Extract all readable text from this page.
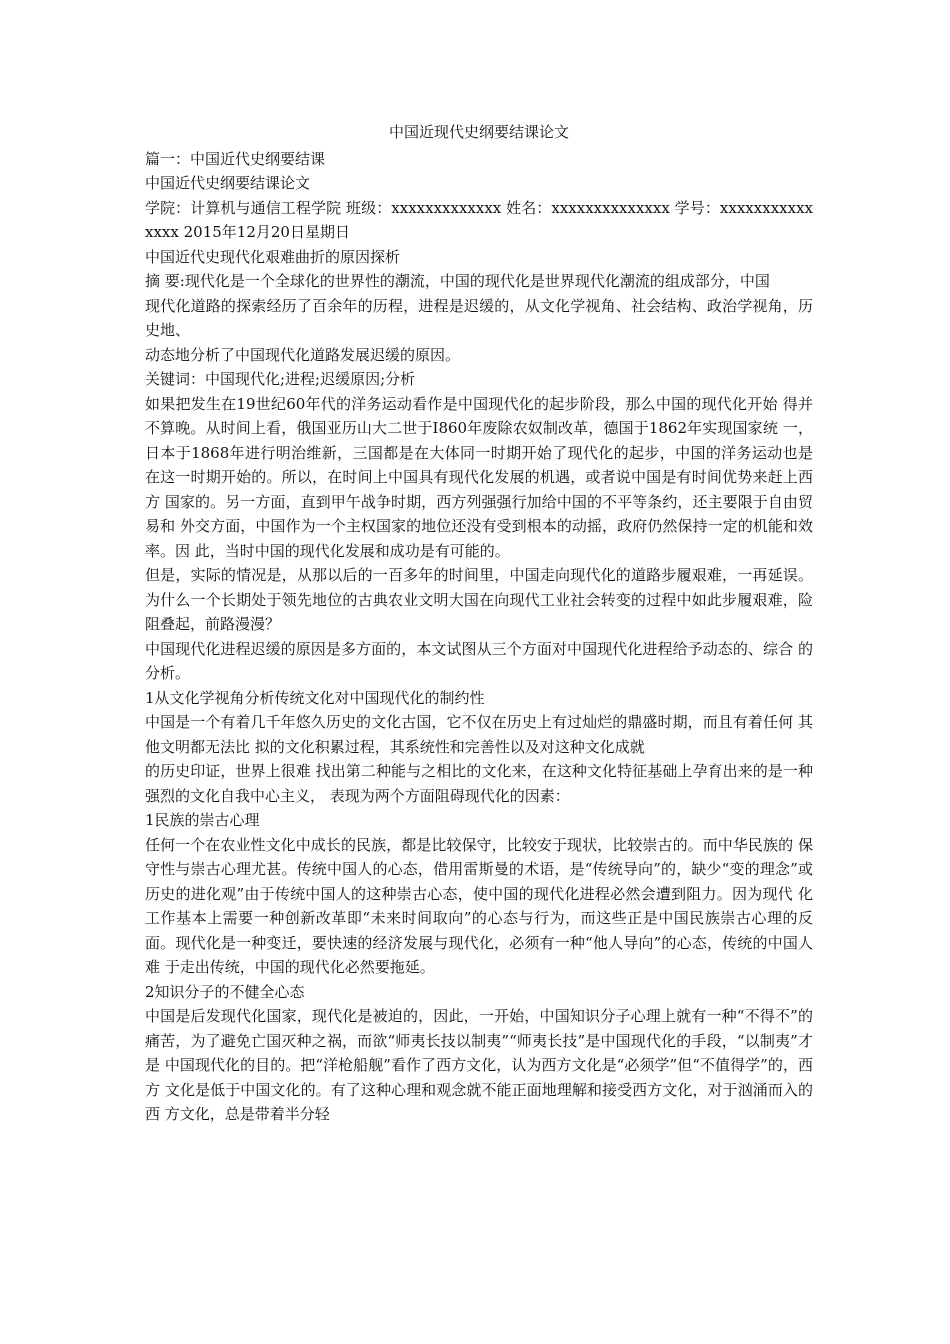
中国近现代史纲要结课论文

篇一：中国近代史纲要结课

中国近代史纲要结课论文

学院：计算机与通信工程学院 班级：xxxxxxxxxxxxx 姓名：xxxxxxxxxxxxxx 学号：xxxxxxxxxxxxxxx 2015年12月20日星期日

中国近代史现代化艰难曲折的原因探析

摘 要:现代化是一个全球化的世界性的潮流，中国的现代化是世界现代化潮流的组成部分，中国

现代化道路的探索经历了百余年的历程，进程是迟缓的，从文化学视角、社会结构、政治学视角，历史地、

动态地分析了中国现代化道路发展迟缓的原因。

关键词：中国现代化;进程;迟缓原因;分析

如果把发生在19世纪60年代的洋务运动看作是中国现代化的起步阶段，那么中国的现代化开始 得并不算晚。从时间上看，俄国亚历山大二世于I860年废除农奴制改革，德国于1862年实现国家统 一，日本于1868年进行明治维新，三国都是在大体同一时期开始了现代化的起步，中国的洋务运动也是 在这一时期开始的。所以，在时间上中国具有现代化发展的机遇，或者说中国是有时间优势来赶上西方 国家的。另一方面，直到甲午战争时期，西方列强强行加给中国的不平等条约，还主要限于自由贸易和 外交方面，中国作为一个主权国家的地位还没有受到根本的动摇，政府仍然保持一定的机能和效率。因 此，当时中国的现代化发展和成功是有可能的。

但是，实际的情况是，从那以后的一百多年的时间里，中国走向现代化的道路步履艰难，一再延误。 为什么一个长期处于领先地位的古典农业文明大国在向现代工业社会转变的过程中如此步履艰难，险 阻叠起，前路漫漫？

中国现代化进程迟缓的原因是多方面的，本文试图从三个方面对中国现代化进程给予动态的、综合 的分析。

1从文化学视角分析传统文化对中国现代化的制约性

中国是一个有着几千年悠久历史的文化古国，它不仅在历史上有过灿烂的鼎盛时期，而且有着任何 其他文明都无法比 拟的文化积累过程，其系统性和完善性以及对这种文化成就

的历史印证，世界上很难 找出第二种能与之相比的文化来，在这种文化特征基础上孕育出来的是一种强烈的文化自我中心主义， 表现为两个方面阻碍现代化的因素：

1民族的崇古心理

任何一个在农业性文化中成长的民族，都是比较保守，比较安于现状，比较崇古的。而中华民族的 保守性与崇古心理尤甚。传统中国人的心态，借用雷斯曼的术语，是“传统导向”的，缺少“变的理念”或历史的进化观”由于传统中国人的这种崇古心态，使中国的现代化进程必然会遭到阻力。因为现代 化工作基本上需要一种创新改革即“未来时间取向”的心态与行为，而这些正是中国民族崇古心理的反 面。现代化是一种变迁，要快速的经济发展与现代化，必须有一种“他人导向”的心态，传统的中国人难 于走出传统，中国的现代化必然要拖延。

2知识分子的不健全心态

中国是后发现代化国家，现代化是被迫的，因此，一开始，中国知识分子心理上就有一种“不得不”的 痛苦，为了避免亡国灭种之祸，而欲“师夷长技以制夷”“师夷长技”是中国现代化的手段，“以制夷”才是 中国现代化的目的。把“洋枪船舰”看作了西方文化，认为西方文化是“必须学”但“不值得学”的，西方 文化是低于中国文化的。有了这种心理和观念就不能正面地理解和接受西方文化，对于汹涌而入的西 方文化，总是带着半分轻
